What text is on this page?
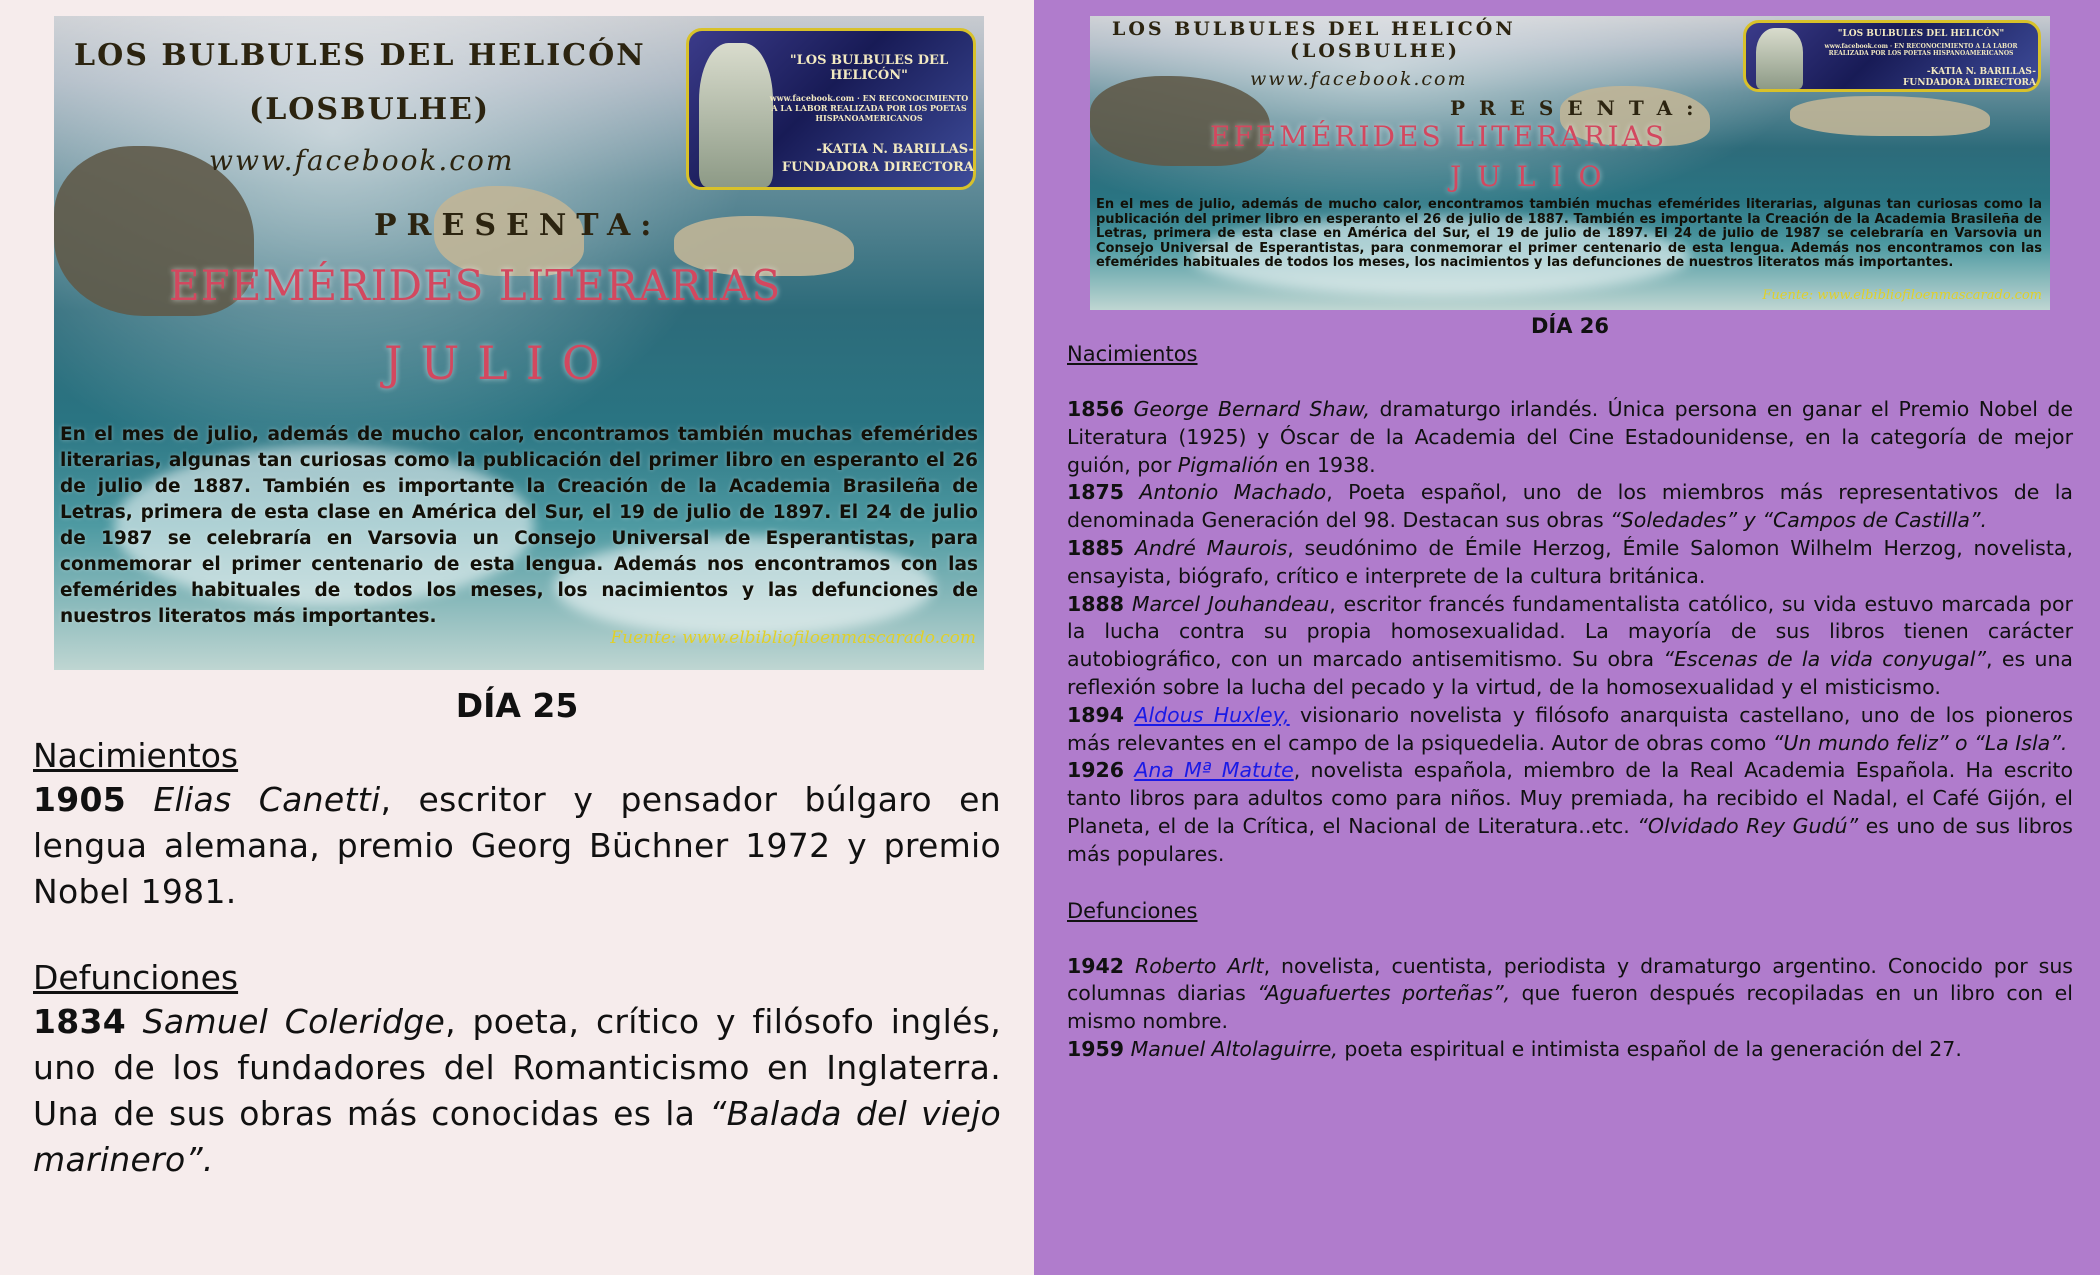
LOS BULBULES DEL HELICÓN
(LOSBULHE)
www.facebook.com
PRESENTA:
EFEMÉRIDES LITERARIAS
JULIO
"LOS BULBULES DEL HELICÓN"
www.facebook.com · EN RECONOCIMIENTO A LA LABOR REALIZADA POR LOS POETAS HISPANOAMERICANOS
-KATIA N. BARILLAS-
FUNDADORA DIRECTORA
En el mes de julio, además de mucho calor, encontramos también muchas efemérides literarias, algunas tan curiosas como la publicación del primer libro en esperanto el 26 de julio de 1887. También es importante la Creación de la Academia Brasileña de Letras, primera de esta clase en América del Sur, el 19 de julio de 1897. El 24 de julio de 1987 se celebraría en Varsovia un Consejo Universal de Esperantistas, para conmemorar el primer centenario de esta lengua. Además nos encontramos con las efemérides habituales de todos los meses, los nacimientos y las defunciones de nuestros literatos más importantes.
Fuente: www.elbibliofiloenmascarado.com
DÍA 25
Nacimientos

1905 Elias Canetti, escritor y pensador búlgaro en lengua alemana, premio Georg Büchner 1972 y premio Nobel 1981.

Defunciones

1834 Samuel Coleridge, poeta, crítico y filósofo inglés, uno de los fundadores del Romanticismo en Inglaterra. Una de sus obras más conocidas es la “Balada del viejo marinero”.

LOS BULBULES DEL HELICÓN
(LOSBULHE)
www.facebook.com
PRESENTA:
EFEMÉRIDES LITERARIAS
JULIO
"LOS BULBULES DEL HELICÓN"
www.facebook.com · EN RECONOCIMIENTO A LA LABOR REALIZADA POR LOS POETAS HISPANOAMERICANOS
-KATIA N. BARILLAS-
FUNDADORA DIRECTORA
En el mes de julio, además de mucho calor, encontramos también muchas efemérides literarias, algunas tan curiosas como la publicación del primer libro en esperanto el 26 de julio de 1887. También es importante la Creación de la Academia Brasileña de Letras, primera de esta clase en América del Sur, el 19 de julio de 1897. El 24 de julio de 1987 se celebraría en Varsovia un Consejo Universal de Esperantistas, para conmemorar el primer centenario de esta lengua. Además nos encontramos con las efemérides habituales de todos los meses, los nacimientos y las defunciones de nuestros literatos más importantes.
Fuente: www.elbibliofiloenmascarado.com
DÍA 26
Nacimientos

1856 George Bernard Shaw, dramaturgo irlandés. Única persona en ganar el Premio Nobel de Literatura (1925) y Óscar de la Academia del Cine Estadounidense, en la categoría de mejor guión, por Pigmalión en 1938.

1875 Antonio Machado, Poeta español, uno de los miembros más representativos de la denominada Generación del 98. Destacan sus obras “Soledades” y “Campos de Castilla”.

1885 André Maurois, seudónimo de Émile Herzog, Émile Salomon Wilhelm Herzog, novelista, ensayista, biógrafo, crítico e interprete de la cultura británica.

1888 Marcel Jouhandeau, escritor francés fundamentalista católico, su vida estuvo marcada por la lucha contra su propia homosexualidad. La mayoría de sus libros tienen carácter autobiográfico, con un marcado antisemitismo. Su obra “Escenas de la vida conyugal”, es una reflexión sobre la lucha del pecado y la virtud, de la homosexualidad y el misticismo.

1894 Aldous Huxley, visionario novelista y filósofo anarquista castellano, uno de los pioneros más relevantes en el campo de la psiquedelia. Autor de obras como “Un mundo feliz” o “La Isla”.

1926 Ana Mª Matute, novelista española, miembro de la Real Academia Española. Ha escrito tanto libros para adultos como para niños. Muy premiada, ha recibido el Nadal, el Café Gijón, el Planeta, el de la Crítica, el Nacional de Literatura..etc. “Olvidado Rey Gudú” es uno de sus libros más populares.

Defunciones

1942 Roberto Arlt, novelista, cuentista, periodista y dramaturgo argentino. Conocido por sus columnas diarias “Aguafuertes porteñas”, que fueron después recopiladas en un libro con el mismo nombre.

1959 Manuel Altolaguirre, poeta espiritual e intimista español de la generación del 27.
